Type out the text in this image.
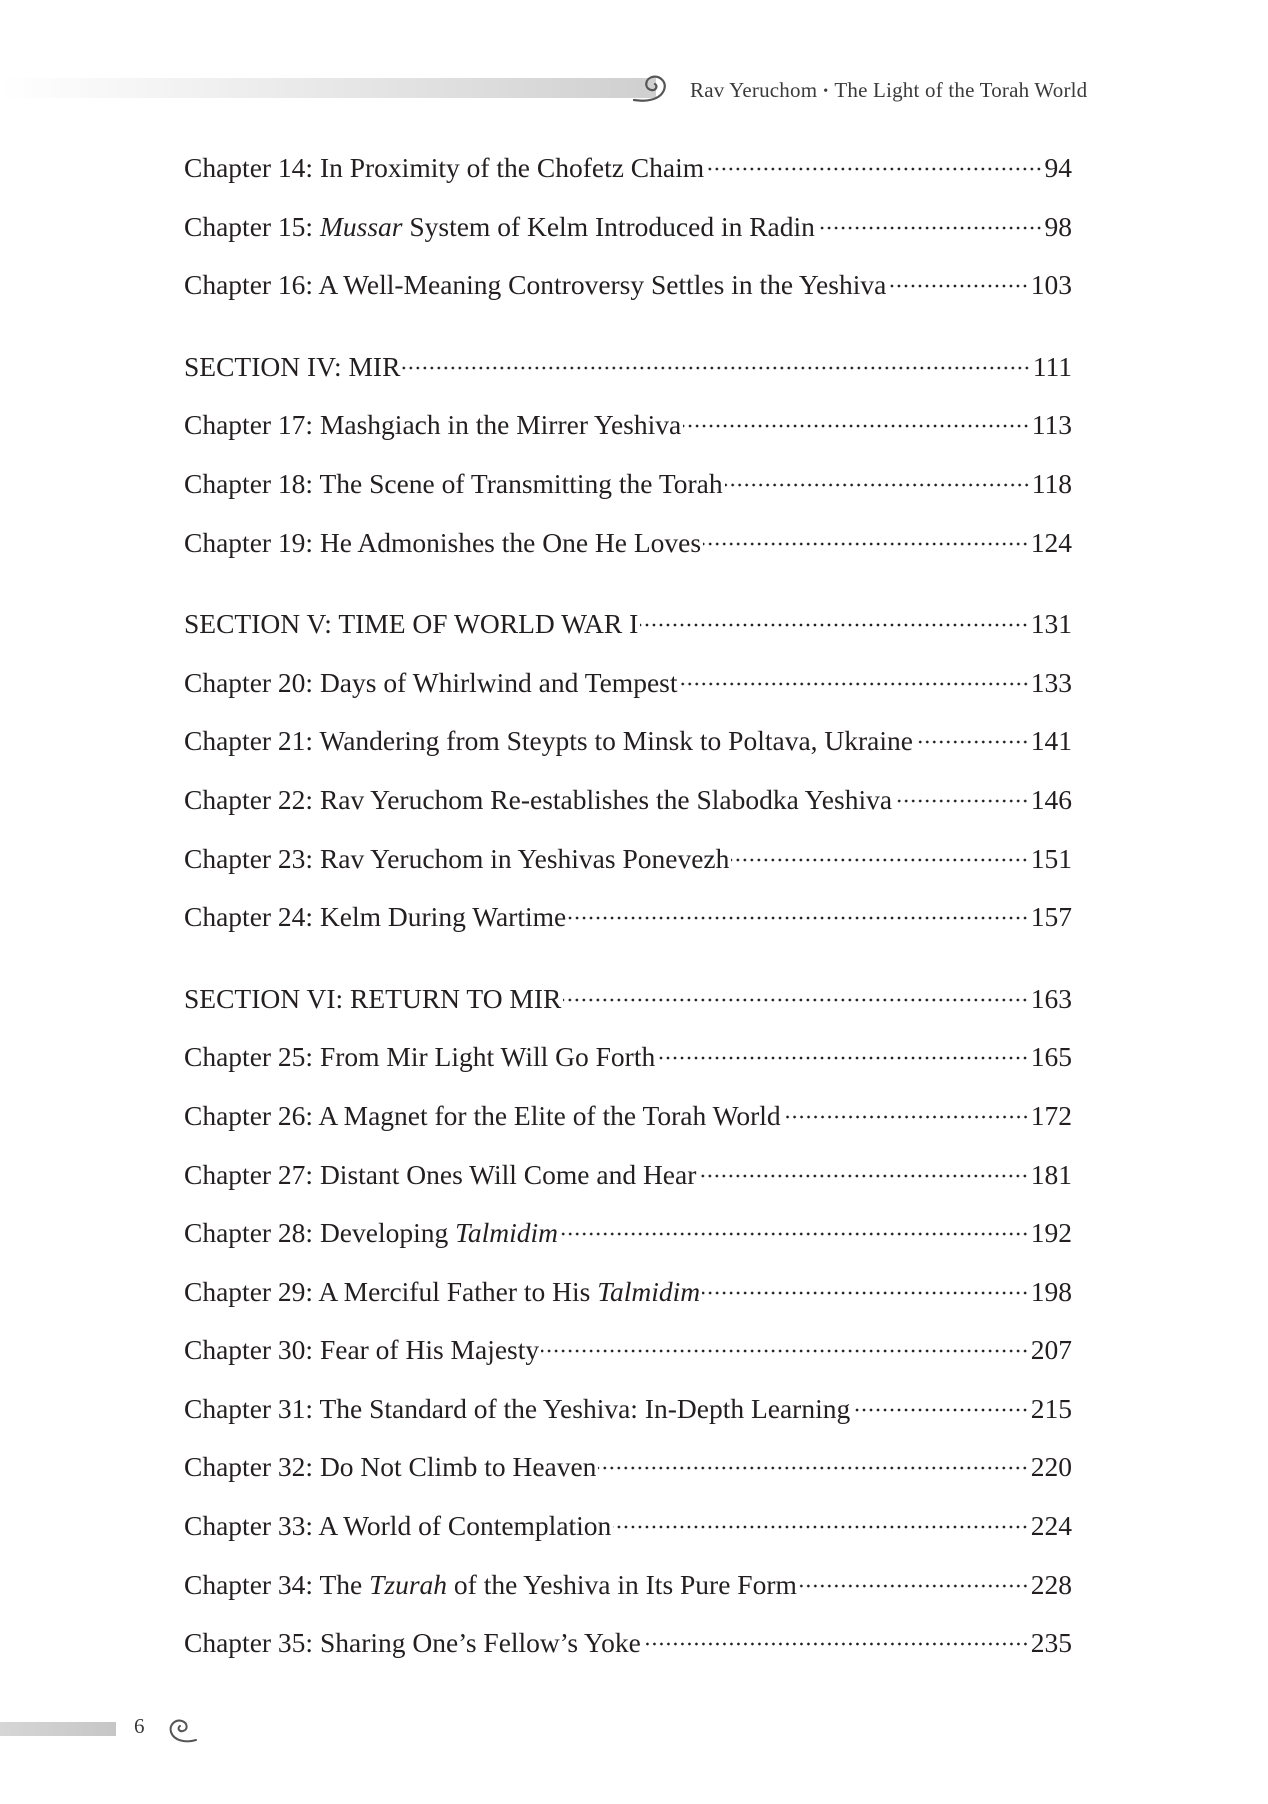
Rav Yeruchom • The Light of the Torah World
Chapter 14: In Proximity of the Chofetz Chaim	94
Chapter 15: Mussar System of Kelm Introduced in Radin	98
Chapter 16: A Well-Meaning Controversy Settles in the Yeshiva	103
SECTION IV: MIR	111
Chapter 17: Mashgiach in the Mirrer Yeshiva	113
Chapter 18: The Scene of Transmitting the Torah	118
Chapter 19: He Admonishes the One He Loves	124
SECTION V: TIME OF WORLD WAR I	131
Chapter 20: Days of Whirlwind and Tempest	133
Chapter 21: Wandering from Steypts to Minsk to Poltava, Ukraine	141
Chapter 22: Rav Yeruchom Re-establishes the Slabodka Yeshiva	146
Chapter 23: Rav Yeruchom in Yeshivas Ponevezh	151
Chapter 24: Kelm During Wartime	157
SECTION VI: RETURN TO MIR	163
Chapter 25: From Mir Light Will Go Forth	165
Chapter 26: A Magnet for the Elite of the Torah World	172
Chapter 27: Distant Ones Will Come and Hear	181
Chapter 28: Developing Talmidim	192
Chapter 29: A Merciful Father to His Talmidim	198
Chapter 30: Fear of His Majesty	207
Chapter 31: The Standard of the Yeshiva: In-Depth Learning	215
Chapter 32: Do Not Climb to Heaven	220
Chapter 33: A World of Contemplation	224
Chapter 34: The Tzurah of the Yeshiva in Its Pure Form	228
Chapter 35: Sharing One’s Fellow’s Yoke	235
6
